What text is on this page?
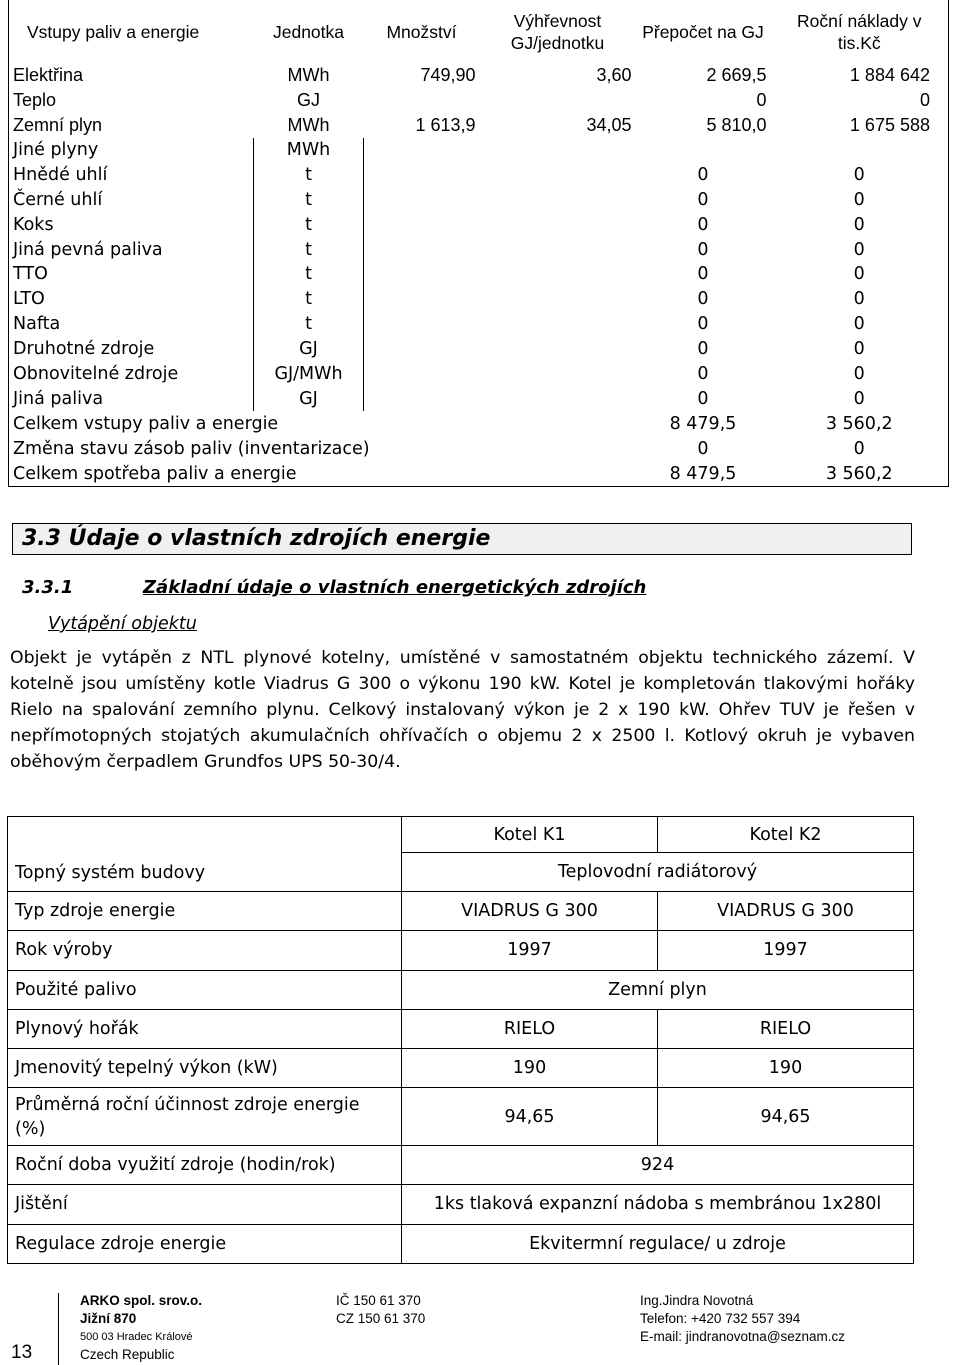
Vstupy paliv a energie	Jednotka	Množství	Výhřevnost GJ/jednotku	Přepočet na GJ	Roční náklady v tis.Kč
Elektřina	MWh	749,90	3,60	2 669,5	1 884 642
Teplo	GJ			0	0
Zemní plyn	MWh	1 613,9	34,05	5 810,0	1 675 588
Jiné plyny	MWh				
Hnědé uhlí	t			0	0
Černé uhlí	t			0	0
Koks	t			0	0
Jiná pevná paliva	t			0	0
TTO	t			0	0
LTO	t			0	0
Nafta	t			0	0
Druhotné zdroje	GJ			0	0
Obnovitelné zdroje	GJ/MWh			0	0
Jiná paliva	GJ			0	0
Celkem vstupy paliv a energie				8 479,5	3 560,2
Změna stavu zásob paliv (inventarizace)				0	0
Celkem spotřeba paliv a energie				8 479,5	3 560,2
3.3 Údaje o vlastních zdrojích energie
3.3.1	Základní údaje o vlastních energetických zdrojích
Vytápění objektu
Objekt je vytápěn z NTL plynové kotelny, umístěné v samostatném objektu technického zázemí. V kotelně jsou umístěny kotle Viadrus G 300 o výkonu 190 kW. Kotel je kompletován tlakovými hořáky Rielo na spalování zemního plynu. Celkový instalovaný výkon je 2 x 190 kW. Ohřev TUV je řešen v nepřímotopných stojatých akumulačních ohřívačích o objemu 2 x 2500 l. Kotlový okruh je vybaven oběhovým čerpadlem Grundfos UPS 50-30/4.
Topný systém budovy	Kotel K1	Kotel K2
	Teplovodní radiátorový	
Typ zdroje energie	VIADRUS G 300	VIADRUS G 300
Rok výroby	1997	1997
Použité palivo	Zemní plyn	
Plynový hořák	RIELO	RIELO
Jmenovitý tepelný výkon (kW)	190	190
Průměrná roční účinnost zdroje energie (%)	94,65	94,65
Roční doba využití zdroje (hodin/rok)	924	
Jištění	1ks tlaková expanzní nádoba s membránou 1x280l	
Regulace zdroje energie	Ekvitermní regulace/ u zdroje	
13
ARKO spol. srov.o.
Jižní 870
500 03 Hradec Králové
Czech Republic
IČ 150 61 370
CZ 150 61 370
Ing.Jindra Novotná
Telefon: +420 732 557 394
E-mail: jindranovotna@seznam.cz
